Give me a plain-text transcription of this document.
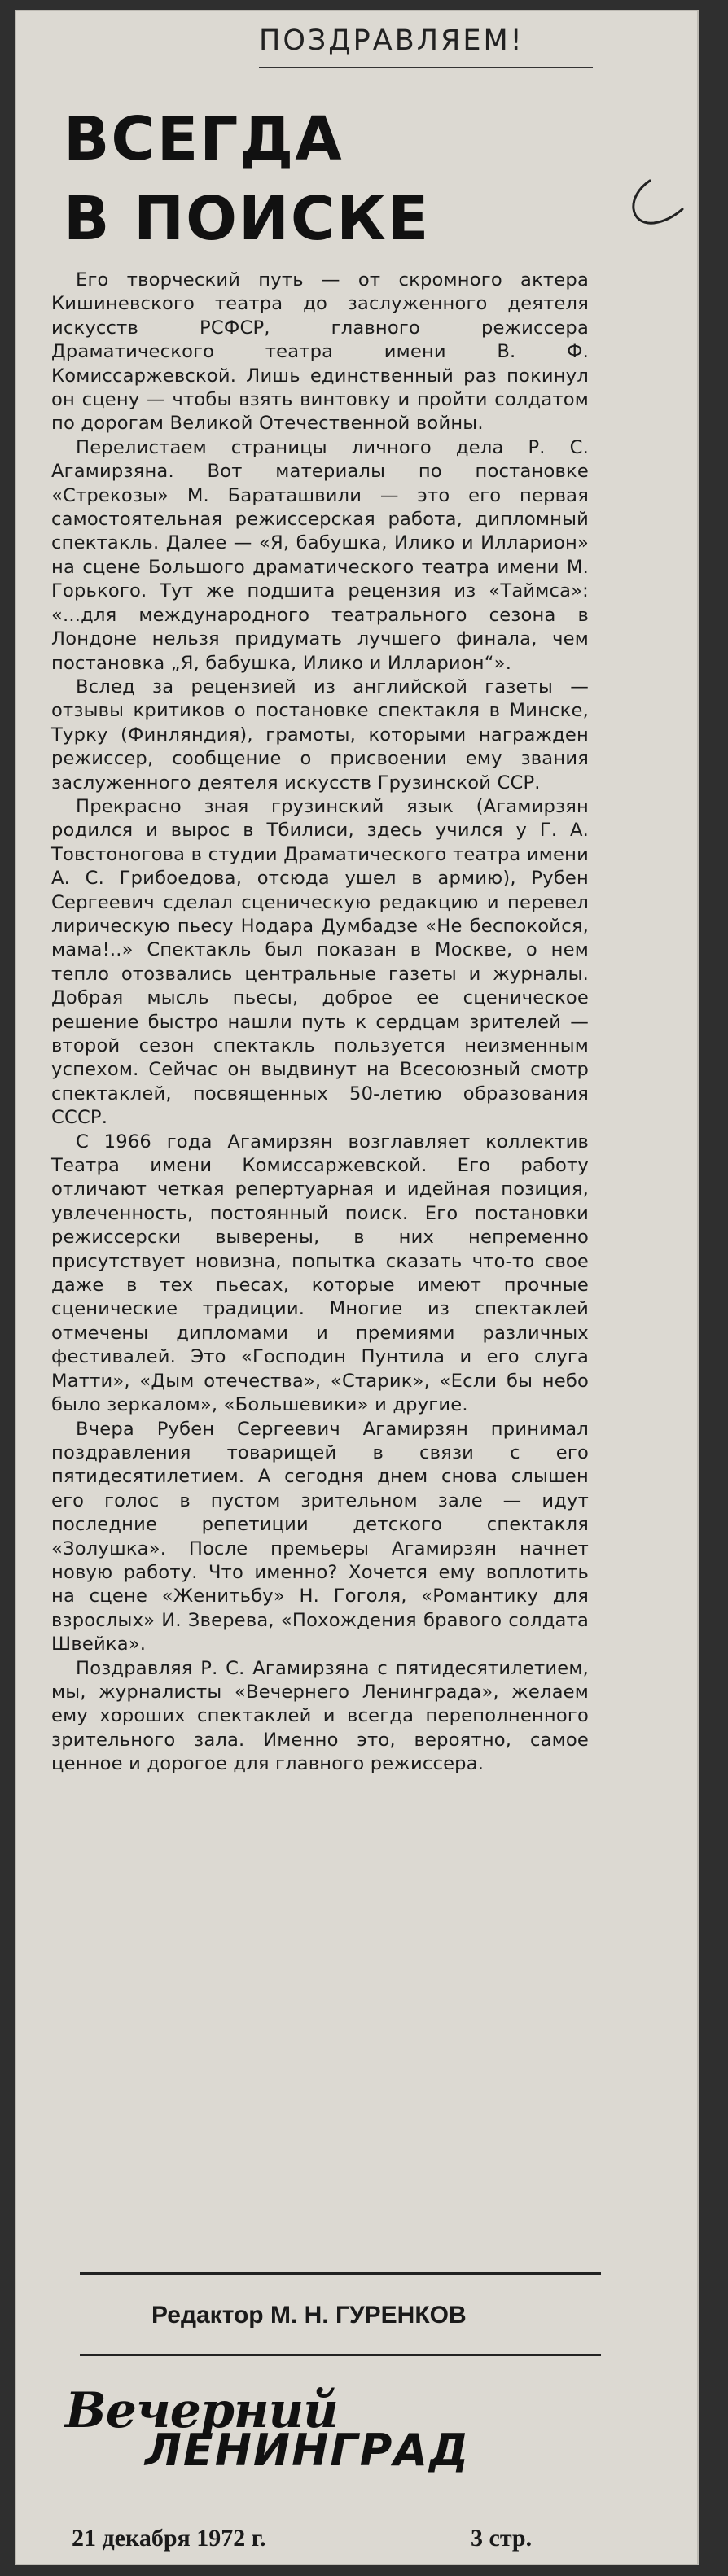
ПОЗДРАВЛЯЕМ!
ВСЕГДА
В ПОИСКЕ

Его творческий путь — от скромного актера Кишиневского театра до заслуженного деятеля искусств РСФСР, главного режиссера Драматического театра имени В. Ф. Комиссаржевской. Лишь единственный раз покинул он сцену — чтобы взять винтовку и пройти солдатом по дорогам Великой Отечественной войны.

Перелистаем страницы личного дела Р. С. Агамирзяна. Вот материалы по постановке «Стрекозы» М. Бараташвили — это его первая самостоятельная режиссерская работа, дипломный спектакль. Далее — «Я, бабушка, Илико и Илларион» на сцене Большого драматического театра имени М. Горького. Тут же подшита рецензия из «Таймса»: «...для международного театрального сезона в Лондоне нельзя придумать лучшего финала, чем постановка „Я, бабушка, Илико и Илларион“».

Вслед за рецензией из английской газеты — отзывы критиков о постановке спектакля в Минске, Турку (Финляндия), грамоты, которыми награжден режиссер, сообщение о присвоении ему звания заслуженного деятеля искусств Грузинской ССР.

Прекрасно зная грузинский язык (Агамирзян родился и вырос в Тбилиси, здесь учился у Г. А. Товстоногова в студии Драматического театра имени А. С. Грибоедова, отсюда ушел в армию), Рубен Сергеевич сделал сценическую редакцию и перевел лирическую пьесу Нодара Думбадзе «Не беспокойся, мама!..» Спектакль был показан в Москве, о нем тепло отозвались центральные газеты и журналы. Добрая мысль пьесы, доброе ее сценическое решение быстро нашли путь к сердцам зрителей — второй сезон спектакль пользуется неизменным успехом. Сейчас он выдвинут на Всесоюзный смотр спектаклей, посвященных 50-летию образования СССР.

С 1966 года Агамирзян возглавляет коллектив Театра имени Комиссаржевской. Его работу отличают четкая репертуарная и идейная позиция, увлеченность, постоянный поиск. Его постановки режиссерски выверены, в них непременно присутствует новизна, попытка сказать что-то свое даже в тех пьесах, которые имеют прочные сценические традиции. Многие из спектаклей отмечены дипломами и премиями различных фестивалей. Это «Господин Пунтила и его слуга Матти», «Дым отечества», «Старик», «Если бы небо было зеркалом», «Большевики» и другие.

Вчера Рубен Сергеевич Агамирзян принимал поздравления товарищей в связи с его пятидесятилетием. А сегодня днем снова слышен его голос в пустом зрительном зале — идут последние репетиции детского спектакля «Золушка». После премьеры Агамирзян начнет новую работу. Что именно? Хочется ему воплотить на сцене «Женитьбу» Н. Гоголя, «Романтику для взрослых» И. Зверева, «Похождения бравого солдата Швейка».

Поздравляя Р. С. Агамирзяна с пятидесятилетием, мы, журналисты «Вечернего Ленинграда», желаем ему хороших спектаклей и всегда переполненного зрительного зала. Именно это, вероятно, самое ценное и дорогое для главного режиссера.

Редактор М. Н. ГУРЕНКОВ
Вечерний
ЛЕНИНГРАД
21 декабря 1972 г.	3 стр.
